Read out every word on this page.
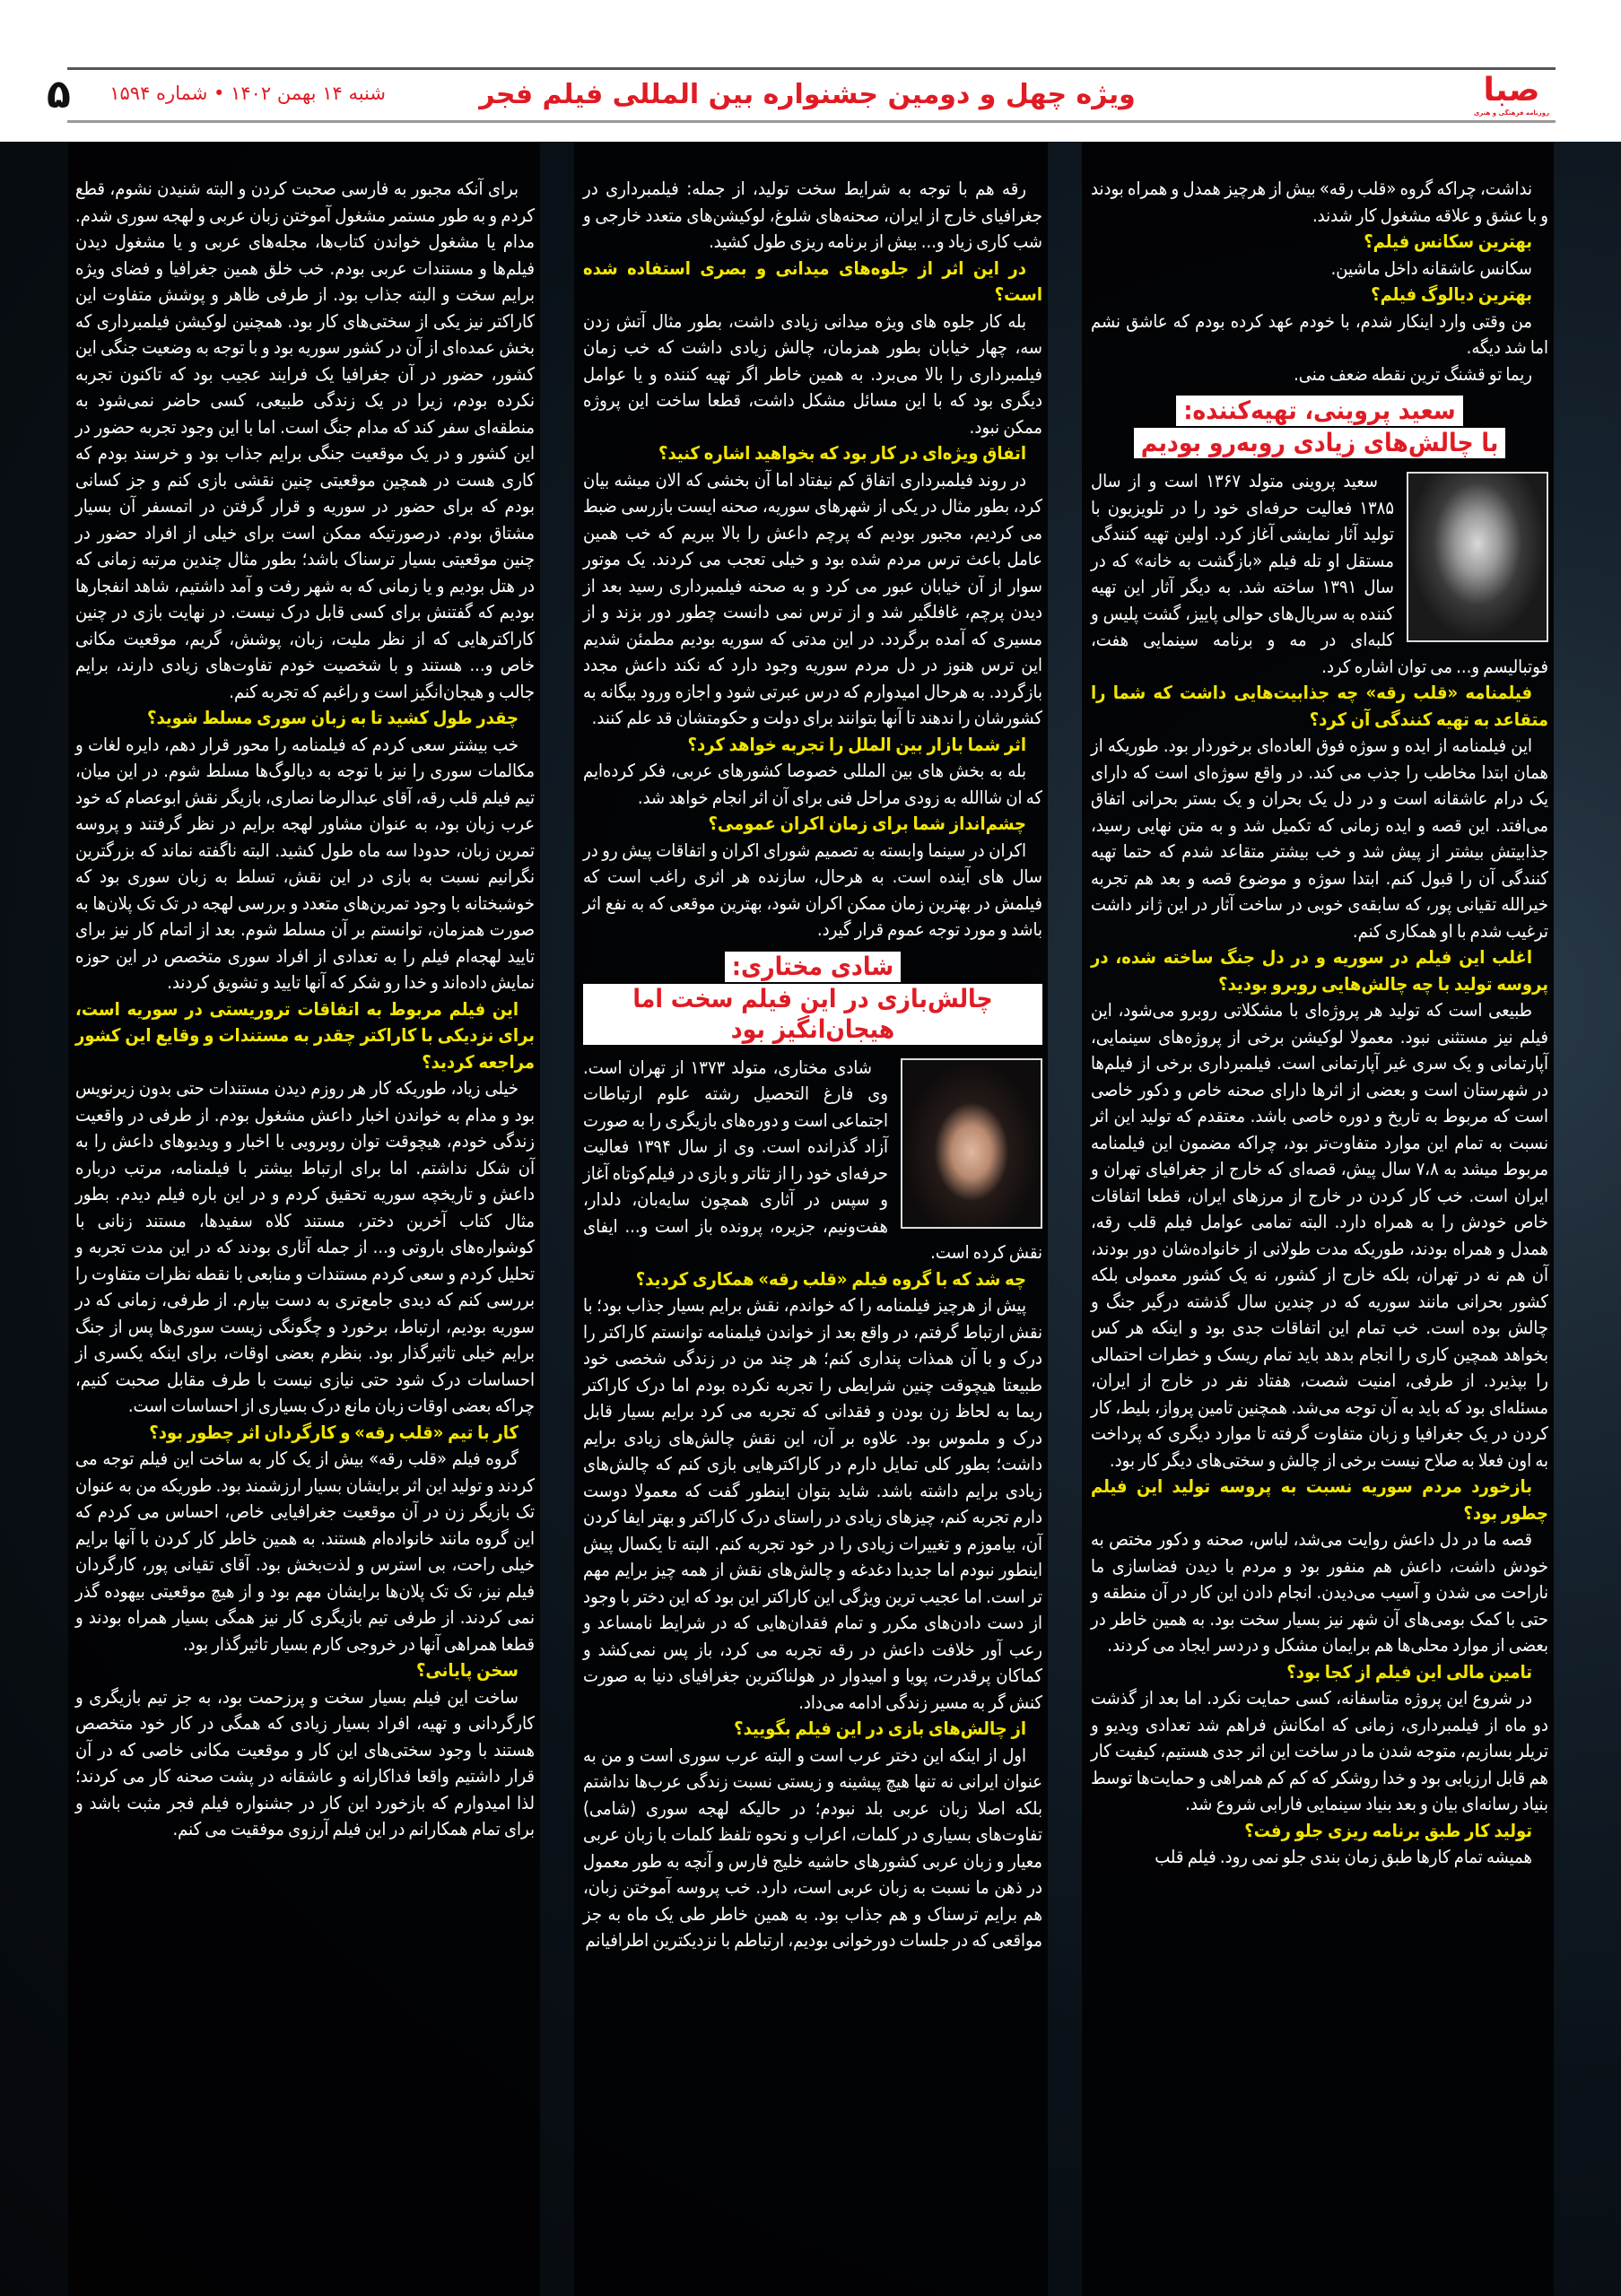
صبا
روزنامه فرهنگی و هنری
ویژه چهل و دومین جشنواره بین المللی فیلم فجر
شنبه ۱۴ بهمن ۱۴۰۲ • شماره ۱۵۹۴
۵

نداشت، چراکه گروه «قلب رقه» بیش از هرچیز همدل و همراه بودند و با عشق و علاقه مشغول کار شدند.

بهترین سکانس فیلم؟

سکانس عاشقانه داخل ماشین.

بهترین دیالوگ فیلم؟

من وقتی وارد اینکار شدم، با خودم عهد کرده بودم که عاشق نشم اما شد دیگه.

ریما تو قشنگ ترین نقطه ضعف منی.

سعید پروینی، تهیه‌کننده:
با چالش‌های زیادی روبه‌رو بودیم

سعید پروینی متولد ۱۳۶۷ است و از سال ۱۳۸۵ فعالیت حرفه‌ای خود را در تلویزیون با تولید آثار نمایشی آغاز کرد. اولین تهیه کنندگی مستقل او تله فیلم «بازگشت به خانه» که در سال ۱۳۹۱ ساخته شد. به دیگر آثار این تهیه کننده به سریال‌های حوالی پاییز، گشت پلیس و کلبه‌ای در مه و برنامه سینمایی هفت، فوتبالیسم و... می توان اشاره کرد.

فیلمنامه «قلب رقه» چه جذابیت‌هایی داشت که شما را متقاعد به تهیه کنندگی آن کرد؟

این فیلمنامه از ایده و سوژه فوق العاده‌ای برخوردار بود. طوریکه از همان ابتدا مخاطب را جذب می کند. در واقع سوژه‌ای است که دارای یک درام عاشقانه است و در دل یک بحران و یک بستر بحرانی اتفاق می‌افتد. این قصه و ایده زمانی که تکمیل شد و به متن نهایی رسید، جذابیتش بیشتر از پیش شد و خب بیشتر متقاعد شدم که حتما تهیه کنندگی آن را قبول کنم. ابتدا سوژه و موضوع قصه و بعد هم تجربه خیرالله تقیانی پور، که سابقه‌ی خوبی در ساخت آثار در این ژانر داشت ترغیب شدم با او همکاری کنم.

اغلب این فیلم در سوریه و در دل جنگ ساخته شده، در پروسه تولید با چه چالش‌هایی روبرو بودید؟

طبیعی است که تولید هر پروژه‌ای با مشکلاتی روبرو می‌شود، این فیلم نیز مستثنی نبود. معمولا لوکیشن برخی از پروژه‌های سینمایی، آپارتمانی و یک سری غیر آپارتمانی است. فیلمبرداری برخی از فیلم‌ها در شهرستان است و بعضی از اثرها دارای صحنه خاص و دکور خاصی است که مربوط به تاریخ و دوره خاصی باشد. معتقدم که تولید این اثر نسبت به تمام این موارد متفاوت‌تر بود، چراکه مضمون این فیلمنامه مربوط میشد به ۷،۸ سال پیش، قصه‌ای که خارج از جغرافیای تهران و ایران است. خب کار کردن در خارج از مرزهای ایران، قطعا اتفاقات خاص خودش را به همراه دارد. البته تمامی عوامل فیلم قلب رقه، همدل و همراه بودند، طوریکه مدت طولانی از خانواده‌شان دور بودند، آن هم نه در تهران، بلکه خارج از کشور، نه یک کشور معمولی بلکه کشور بحرانی مانند سوریه که در چندین سال گذشته درگیر جنگ و چالش بوده است. خب تمام این اتفاقات جدی بود و اینکه هر کس بخواهد همچین کاری را انجام بدهد باید تمام ریسک و خطرات احتمالی را بپذیرد. از طرفی، امنیت شصت، هفتاد نفر در خارج از ایران، مسئله‌ای بود که باید به آن توجه می‌شد. همچنین تامین پرواز، بلیط، کار کردن در یک جغرافیا و زبان متفاوت گرفته تا موارد دیگری که پرداخت به اون فعلا به صلاح نیست برخی از چالش و سختی‌های دیگر کار بود.

بازخورد مردم سوریه نسبت به پروسه تولید این فیلم چطور بود؟

قصه ما در دل داعش روایت می‌شد، لباس، صحنه و دکور مختص به خودش داشت، داعش هم منفور بود و مردم با دیدن فضاسازی ما ناراحت می شدن و آسیب می‌دیدن. انجام دادن این کار در آن منطقه و حتی با کمک بومی‌های آن شهر نیز بسیار سخت بود. به همین خاطر در بعضی از موارد محلی‌ها هم برایمان مشکل و دردسر ایجاد می کردند.

تامین مالی این فیلم از کجا بود؟

در شروع این پروژه متاسفانه، کسی حمایت نکرد. اما بعد از گذشت دو ماه از فیلمبرداری، زمانی که امکانش فراهم شد تعدادی ویدیو و تریلر بسازیم، متوجه شدن ما در ساخت این اثر جدی هستیم، کیفیت کار هم قابل ارزیابی بود و خدا روشکر که کم کم همراهی و حمایت‌ها توسط بنیاد رسانه‌ای بیان و بعد بنیاد سینمایی فارابی شروع شد.

تولید کار طبق برنامه ریزی جلو رفت؟

همیشه تمام کارها طبق زمان بندی جلو نمی رود. فیلم قلب

رقه هم با توجه به شرایط سخت تولید، از جمله: فیلمبرداری در جغرافیای خارج از ایران، صحنه‌های شلوغ، لوکیشن‌های متعدد خارجی و شب کاری زیاد و... بیش از برنامه ریزی طول کشید.

در این اثر از جلوه‌های میدانی و بصری استفاده شده است؟

بله کار جلوه های ویژه میدانی زیادی داشت، بطور مثال آتش زدن سه، چهار خیابان بطور همزمان، چالش زیادی داشت که خب زمان فیلمبرداری را بالا می‌برد. به همین خاطر اگر تهیه کننده و یا عوامل دیگری بود که با این مسائل مشکل داشت، قطعا ساخت این پروژه ممکن نبود.

اتفاق ویژه‌ای در کار بود که بخواهید اشاره کنید؟

در روند فیلمبرداری اتفاق کم نیفتاد اما آن بخشی که الان میشه بیان کرد، بطور مثال در یکی از شهرهای سوریه، صحنه ایست بازرسی ضبط می کردیم، مجبور بودیم که پرچم داعش را بالا ببریم که خب همین عامل باعث ترس مردم شده بود و خیلی تعجب می کردند. یک موتور سوار از آن خیابان عبور می کرد و به صحنه فیلمبرداری رسید بعد از دیدن پرچم، غافلگیر شد و از ترس نمی دانست چطور دور بزند و از مسیری که آمده برگردد. در این مدتی که سوریه بودیم مطمئن شدیم این ترس هنوز در دل مردم سوریه وجود دارد که نکند داعش مجدد بازگردد. به هرحال امیدوارم که درس عبرتی شود و اجازه ورود بیگانه به کشورشان را ندهند تا آنها بتوانند برای دولت و حکومتشان قد علم کنند.

اثر شما بازار بین الملل را تجربه خواهد کرد؟

بله به بخش های بین المللی خصوصا کشورهای عربی، فکر کرده‌ایم که ان شاالله به زودی مراحل فنی برای آن اثر انجام خواهد شد.

چشم‌انداز شما برای زمان اکران عمومی؟

اکران در سینما وابسته به تصمیم شورای اکران و اتفاقات پیش رو در سال های آینده است. به هرحال، سازنده هر اثری راغب است که فیلمش در بهترین زمان ممکن اکران شود، بهترین موقعی که به نفع اثر باشد و مورد توجه عموم قرار گیرد.

شادی مختاری:
چالش‌بازی در این فیلم سخت اما هیجان‌انگیز بود

شادی مختاری، متولد ۱۳۷۳ از تهران است. وی فارغ التحصیل رشته علوم ارتباطات اجتماعی است و دوره‌های بازیگری را به صورت آزاد گذرانده است. وی از سال ۱۳۹۴ فعالیت حرفه‌ای خود را از تئاتر و بازی در فیلم‌کوتاه آغاز و سپس در آثاری همچون سایه‌بان، دلدار، هفت‌ونیم، جزیره، پرونده باز است و... ایفای نقش کرده است.

چه شد که با گروه فیلم «قلب رقه» همکاری کردید؟

پیش از هرچیز فیلمنامه را که خواندم، نقش برایم بسیار جذاب بود؛ با نقش ارتباط گرفتم، در واقع بعد از خواندن فیلمنامه توانستم کاراکتر را درک و با آن همذات پنداری کنم؛ هر چند من در زندگی شخصی خود طبیعتا هیچوقت چنین شرایطی را تجربه نکرده بودم اما درک کاراکتر ریما به لحاظ زن بودن و فقدانی که تجربه می کرد برایم بسیار قابل درک و ملموس بود. علاوه بر آن، این نقش چالش‌های زیادی برایم داشت؛ بطور کلی تمایل دارم در کاراکترهایی بازی کنم که چالش‌های زیادی برایم داشته باشد. شاید بتوان اینطور گفت که معمولا دوست دارم تجربه کنم، چیزهای زیادی در راستای درک کاراکتر و بهتر ایفا کردن آن، بیاموزم و تغییرات زیادی را در خود تجربه کنم. البته تا یکسال پیش اینطور نبودم اما جدیدا دغدغه و چالش‌های نقش از همه چیز برایم مهم تر است. اما عجیب ترین ویژگی این کاراکتر این بود که این دختر با وجود از دست دادن‌های مکرر و تمام فقدان‌هایی که در شرایط نامساعد و رعب آور خلافت داعش در رقه تجربه می کرد، باز پس نمی‌کشد و کماکان پرقدرت، پویا و امیدوار در هولناکترین جغرافیای دنیا به صورت کنش گر به مسیر زندگی ادامه می‌داد.

از چالش‌های بازی در این فیلم بگویید؟

اول از اینکه این دختر عرب است و البته عرب سوری است و من به عنوان ایرانی نه تنها هیچ پیشینه و زیستی نسبت زندگی عرب‌ها نداشتم بلکه اصلا زبان عربی بلد نبودم؛ در حالیکه لهجه سوری (شامی) تفاوت‌های بسیاری در کلمات، اعراب و نحوه تلفظ کلمات با زبان عربی معیار و زبان عربی کشورهای حاشیه خلیج فارس و آنچه به طور معمول در ذهن ما نسبت به زبان عربی است، دارد. خب پروسه آموختن زبان، هم برایم ترسناک و هم جذاب بود. به همین خاطر طی یک ماه به جز مواقعی که در جلسات دورخوانی بودیم، ارتباطم با نزدیکترین اطرافیانم

برای آنکه مجبور به فارسی صحبت کردن و البته شنیدن نشوم، قطع کردم و به طور مستمر مشغول آموختن زبان عربی و لهجه سوری شدم. مدام یا مشغول خواندن کتاب‌ها، مجله‌های عربی و یا مشغول دیدن فیلم‌ها و مستندات عربی بودم. خب خلق همین جغرافیا و فضای ویژه برایم سخت و البته جذاب بود. از طرفی ظاهر و پوشش متفاوت این کاراکتر نیز یکی از سختی‌های کار بود. همچنین لوکیشن فیلمبرداری که بخش عمده‌ای از آن در کشور سوریه بود و با توجه به وضعیت جنگی این کشور، حضور در آن جغرافیا یک فرایند عجیب بود که تاکنون تجربه نکرده بودم، زیرا در یک زندگی طبیعی، کسی حاضر نمی‌شود به منطقه‌ای سفر کند که مدام جنگ است. اما با این وجود تجربه حضور در این کشور و در یک موقعیت جنگی برایم جذاب بود و خرسند بودم که کاری هست در همچین موقعیتی چنین نقشی بازی کنم و جز کسانی بودم که برای حضور در سوریه و قرار گرفتن در اتمسفر آن بسیار مشتاق بودم. درصورتیکه ممکن است برای خیلی از افراد حضور در چنین موقعیتی بسیار ترسناک باشد؛ بطور مثال چندین مرتبه زمانی که در هتل بودیم و یا زمانی که به شهر رفت و آمد داشتیم، شاهد انفجارها بودیم که گفتنش برای کسی قابل درک نیست. در نهایت بازی در چنین کاراکترهایی که از نظر ملیت، زبان، پوشش، گریم، موقعیت مکانی خاص و... هستند و با شخصیت خودم تفاوت‌های زیادی دارند، برایم جالب و هیجان‌انگیز است و راغبم که تجربه کنم.

چقدر طول کشید تا به زبان سوری مسلط شوید؟

خب بیشتر سعی کردم که فیلمنامه را محور قرار دهم، دایره لغات و مکالمات سوری را نیز با توجه به دیالوگ‌ها مسلط شوم. در این میان، تیم فیلم قلب رقه، آقای عبدالرضا نصاری، بازیگر نقش ابوعصام که خود عرب زبان بود، به عنوان مشاور لهجه برایم در نظر گرفتند و پروسه تمرین زبان، حدودا سه ماه طول کشید. البته ناگفته نماند که بزرگترین نگرانیم نسبت به بازی در این نقش، تسلط به زبان سوری بود که خوشبختانه با وجود تمرین‌های متعدد و بررسی لهجه در تک تک پلان‌ها به صورت همزمان، توانستم بر آن مسلط شوم. بعد از اتمام کار نیز برای تایید لهجه‌ام فیلم را به تعدادی از افراد سوری متخصص در این حوزه نمایش داده‌اند و خدا رو شکر که آنها تایید و تشویق کردند.

این فیلم مربوط به اتفاقات تروریستی در سوریه است، برای نزدیکی با کاراکتر چقدر به مستندات و وقایع این کشور مراجعه کردید؟

خیلی زیاد، طوریکه کار هر روزم دیدن مستندات حتی بدون زیرنویس بود و مدام به خواندن اخبار داعش مشغول بودم. از طرفی در واقعیت زندگی خودم، هیچوقت توان روبرویی با اخبار و ویدیوهای داعش را به آن شکل نداشتم. اما برای ارتباط بیشتر با فیلمنامه، مرتب درباره داعش و تاریخچه سوریه تحقیق کردم و در این باره فیلم دیدم. بطور مثال کتاب آخرین دختر، مستند کلاه سفیدها، مستند زنانی با کوشواره‌های باروتی و... از جمله آثاری بودند که در این مدت تجربه و تحلیل کردم و سعی کردم مستندات و منابعی با نقطه نظرات متفاوت را بررسی کنم که دیدی جامع‌تری به دست بیارم. از طرفی، زمانی که در سوریه بودیم، ارتباط، برخورد و چگونگی زیست سوری‌ها پس از جنگ برایم خیلی تاثیرگذار بود. بنظرم بعضی اوقات، برای اینکه یکسری از احساسات درک شود حتی نیازی نیست با طرف مقابل صحبت کنیم، چراکه بعضی اوقات زبان مانع درک بسیاری از احساسات است.

کار با تیم «قلب رقه» و کارگردان اثر چطور بود؟

گروه فیلم «قلب رقه» بیش از یک کار به ساخت این فیلم توجه می کردند و تولید این اثر برایشان بسیار ارزشمند بود. طوریکه من به عنوان تک بازیگر زن در آن موقعیت جغرافیایی خاص، احساس می کردم که این گروه مانند خانواده‌ام هستند. به همین خاطر کار کردن با آنها برایم خیلی راحت، بی استرس و لذت‌بخش بود. آقای تقیانی پور، کارگردان فیلم نیز، تک تک پلان‌ها برایشان مهم بود و از هیچ موقعیتی بیهوده گذر نمی کردند. از طرفی تیم بازیگری کار نیز همگی بسیار همراه بودند و قطعا همراهی آنها در خروجی کارم بسیار تاثیرگذار بود.

سخن پایانی؟

ساخت این فیلم بسیار سخت و پرزحمت بود، به جز تیم بازیگری و کارگردانی و تهیه، افراد بسیار زیادی که همگی در کار خود متخصص هستند با وجود سختی‌های این کار و موقعیت مکانی خاصی که در آن قرار داشتیم واقعا فداکارانه و عاشقانه در پشت صحنه کار می کردند؛ لذا امیدوارم که بازخورد این کار در جشنواره فیلم فجر مثبت باشد و برای تمام همکارانم در این فیلم آرزوی موفقیت می کنم.
